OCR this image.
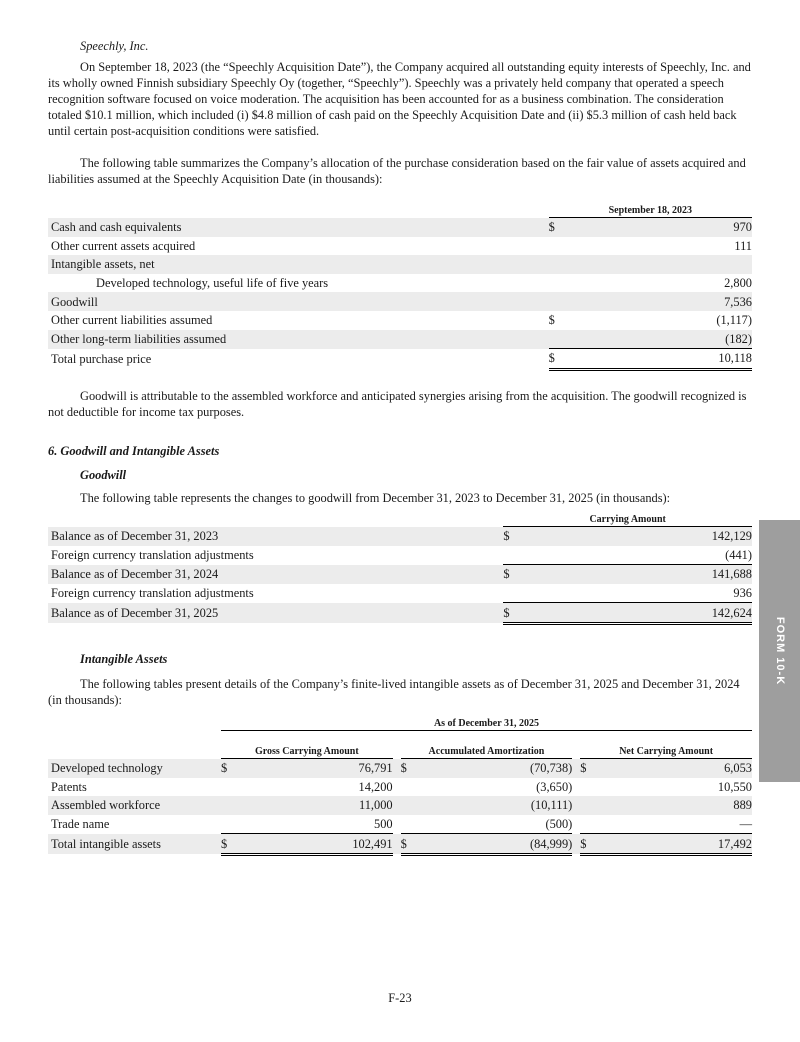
Speechly, Inc.

On September 18, 2023 (the “Speechly Acquisition Date”), the Company acquired all outstanding equity interests of Speechly, Inc. and its wholly owned Finnish subsidiary Speechly Oy (together, “Speechly”). Speechly was a privately held company that operated a speech recognition software focused on voice moderation. The acquisition has been accounted for as a business combination. The consideration totaled $10.1 million, which included (i) $4.8 million of cash paid on the Speechly Acquisition Date and (ii) $5.3 million of cash held back until certain post-acquisition conditions were satisfied.

The following table summarizes the Company’s allocation of the purchase consideration based on the fair value of assets acquired and liabilities assumed at the Speechly Acquisition Date (in thousands):

	September 18, 2023	
Cash and cash equivalents	$	970
Other current assets acquired		111
Intangible assets, net		
Developed technology, useful life of five years		2,800
Goodwill		7,536
Other current liabilities assumed	$	(1,117)
Other long-term liabilities assumed		(182)
Total purchase price	$	10,118

Goodwill is attributable to the assembled workforce and anticipated synergies arising from the acquisition. The goodwill recognized is not deductible for income tax purposes.

6. Goodwill and Intangible Assets

Goodwill

The following table represents the changes to goodwill from December 31, 2023 to December 31, 2025 (in thousands):

	Carrying Amount	
Balance as of December 31, 2023	$	142,129
Foreign currency translation adjustments		(441)
Balance as of December 31, 2024	$	141,688
Foreign currency translation adjustments		936
Balance as of December 31, 2025	$	142,624

Intangible Assets

The following tables present details of the Company’s finite-lived intangible assets as of December 31, 2025 and December 31, 2024 (in thousands):

	As of December 31, 2025							
	Gross Carrying Amount			Accumulated Amortization			Net Carrying Amount	
Developed technology	$	76,791		$	(70,738)		$	6,053
Patents		14,200			(3,650)			10,550
Assembled workforce		11,000			(10,111)			889
Trade name		500			(500)			—
Total intangible assets	$	102,491		$	(84,999)		$	17,492
FORM 10-K
F-23
